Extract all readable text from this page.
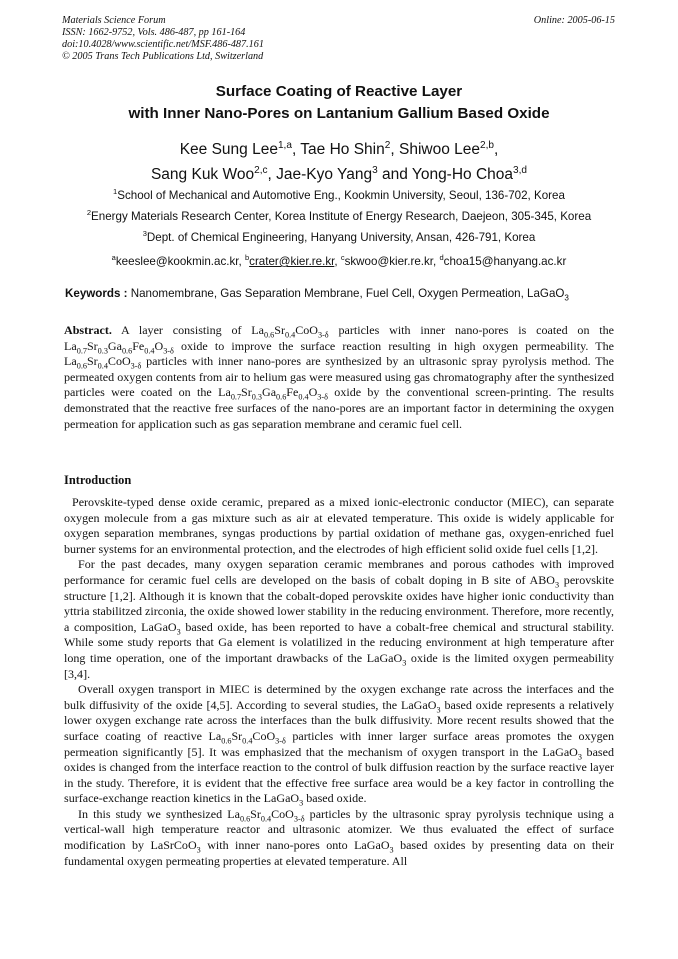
Materials Science Forum
ISSN: 1662-9752, Vols. 486-487, pp 161-164
doi:10.4028/www.scientific.net/MSF.486-487.161
© 2005 Trans Tech Publications Ltd, Switzerland
Online: 2005-06-15
Surface Coating of Reactive Layer
with Inner Nano-Pores on Lantanium Gallium Based Oxide
Kee Sung Lee$^{1,a}$, Tae Ho Shin$^2$, Shiwoo Lee$^{2,b}$,
Sang Kuk Woo$^{2,c}$, Jae-Kyo Yang$^3$ and Yong-Ho Choa$^{3,d}$
$^1$School of Mechanical and Automotive Eng., Kookmin University, Seoul, 136-702, Korea
$^2$Energy Materials Research Center, Korea Institute of Energy Research, Daejeon, 305-345, Korea
$^3$Dept. of Chemical Engineering, Hanyang University, Ansan, 426-791, Korea
$^a$keeslee@kookmin.ac.kr, $^b$crater@kier.re.kr, $^c$skwoo@kier.re.kr, $^d$choa15@hanyang.ac.kr
Keywords : Nanomembrane, Gas Separation Membrane, Fuel Cell, Oxygen Permeation, LaGaO$_3$

Abstract. A layer consisting of $La_{0.6}Sr_{0.4}CoO_{3-\delta}$ particles with inner nano-pores is coated on the $La_{0.7}Sr_{0.3}Ga_{0.6}Fe_{0.4}O_{3-\delta}$ oxide to improve the surface reaction resulting in high oxygen permeability. The $La_{0.6}Sr_{0.4}CoO_{3-\delta}$ particles with inner nano-pores are synthesized by an ultrasonic spray pyrolysis method. The permeated oxygen contents from air to helium gas were measured using gas chromatography after the synthesized particles were coated on the $La_{0.7}Sr_{0.3}Ga_{0.6}Fe_{0.4}O_{3-\delta}$ oxide by the conventional screen-printing. The results demonstrated that the reactive free surfaces of the nano-pores are an important factor in determining the oxygen permeation for application such as gas separation membrane and ceramic fuel cell.

Introduction

Perovskite-typed dense oxide ceramic, prepared as a mixed ionic-electronic conductor (MIEC), can separate oxygen molecule from a gas mixture such as air at elevated temperature. This oxide is widely applicable for oxygen separation membranes, syngas productions by partial oxidation of methane gas, oxygen-enriched fuel burner systems for an environmental protection, and the electrodes of high efficient solid oxide fuel cells [1,2].

For the past decades, many oxygen separation ceramic membranes and porous cathodes with improved performance for ceramic fuel cells are developed on the basis of cobalt doping in B site of $ABO_3$ perovskite structure [1,2]. Although it is known that the cobalt-doped perovskite oxides have higher ionic conductivity than yttria stabilitzed zirconia, the oxide showed lower stability in the reducing environment. Therefore, more recently, a composition, LaGaO$_3$ based oxide, has been reported to have a cobalt-free chemical and structural stability. While some study reports that Ga element is volatilized in the reducing environment at high temperature after long time operation, one of the important drawbacks of the LaGaO$_3$ oxide is the limited oxygen permeability [3,4].

Overall oxygen transport in MIEC is determined by the oxygen exchange rate across the interfaces and the bulk diffusivity of the oxide [4,5]. According to several studies, the LaGaO$_3$ based oxide represents a relatively lower oxygen exchange rate across the interfaces than the bulk diffusivity. More recent results showed that the surface coating of reactive $La_{0.6}Sr_{0.4}CoO_{3-\delta}$ particles with inner larger surface areas promotes the oxygen permeation significantly [5]. It was emphasized that the mechanism of oxygen transport in the LaGaO$_3$ based oxides is changed from the interface reaction to the control of bulk diffusion reaction by the surface reactive layer in the study. Therefore, it is evident that the effective free surface area would be a key factor in controlling the surface-exchange reaction kinetics in the LaGaO$_3$ based oxide.

In this study we synthesized $La_{0.6}Sr_{0.4}CoO_{3-\delta}$ particles by the ultrasonic spray pyrolysis technique using a vertical-wall high temperature reactor and ultrasonic atomizer. We thus evaluated the effect of surface modification by LaSrCoO$_3$ with inner nano-pores onto LaGaO$_3$ based oxides by presenting data on their fundamental oxygen permeating properties at elevated temperature. All
